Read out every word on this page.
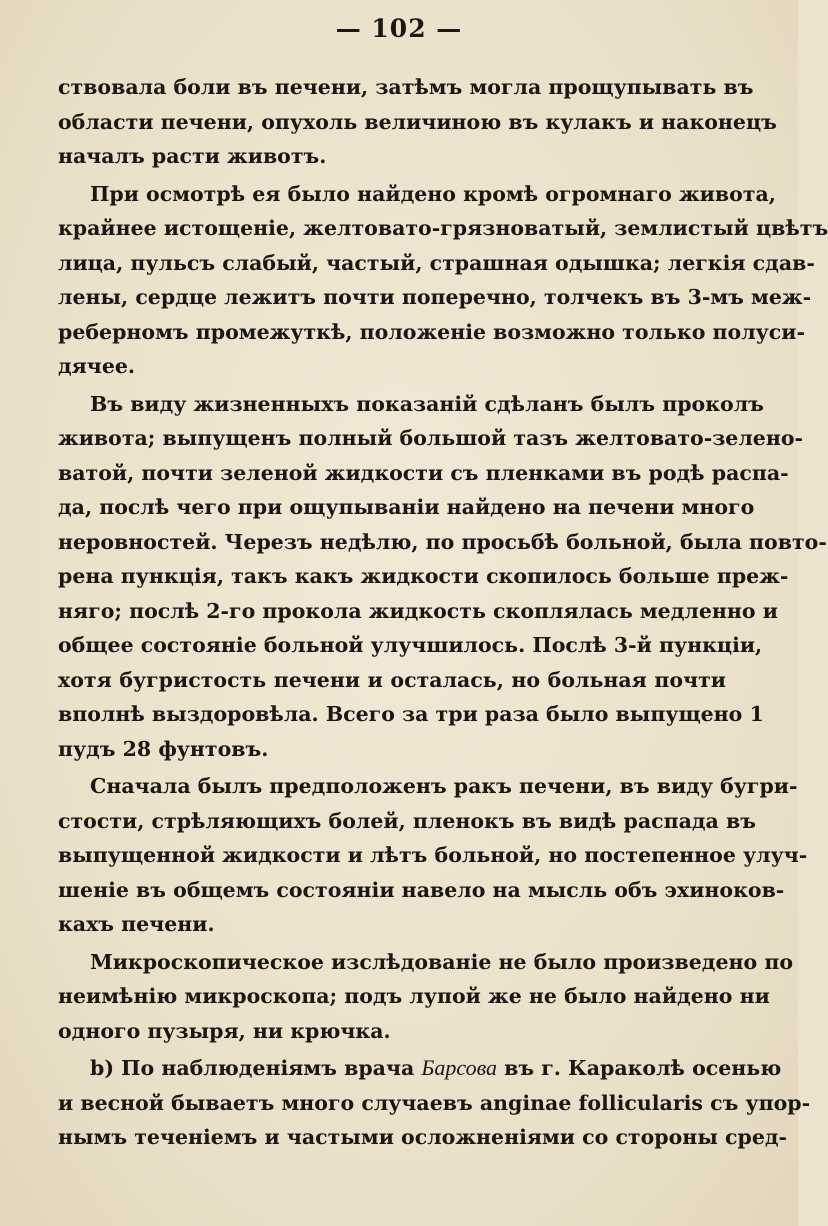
— 102 —
ствовала боли въ печени, затѣмъ могла прощупывать въ
области печени, опухоль величиною въ кулакъ и наконецъ
началъ расти животъ.
При осмотрѣ ея было найдено кромѣ огромнаго живота,
крайнее истощеніе, желтовато-грязноватый, землистый цвѣтъ
лица, пульсъ слабый, частый, страшная одышка; легкія сдав-
лены, сердце лежитъ почти поперечно, толчекъ въ 3-мъ меж-
реберномъ промежуткѣ, положеніе возможно только полуси-
дячее.
Въ виду жизненныхъ показаній сдѣланъ былъ проколъ
живота; выпущенъ полный большой тазъ желтовато-зелено-
ватой, почти зеленой жидкости съ пленками въ родѣ распа-
да, послѣ чего при ощупываніи найдено на печени много
неровностей. Черезъ недѣлю, по просьбѣ больной, была повто-
рена пункція, такъ какъ жидкости скопилось больше преж-
няго; послѣ 2-го прокола жидкость скоплялась медленно и
общее состояніе больной улучшилось. Послѣ 3-й пункціи,
хотя бугристость печени и осталась, но больная почти
вполнѣ выздоровѣла. Всего за три раза было выпущено 1
пудъ 28 фунтовъ.
Сначала былъ предположенъ ракъ печени, въ виду бугри-
стости, стрѣляющихъ болей, пленокъ въ видѣ распада въ
выпущенной жидкости и лѣтъ больной, но постепенное улуч-
шеніе въ общемъ состояніи навело на мысль объ эхиноков-
кахъ печени.
Микроскопическое изслѣдованіе не было произведено по
неимѣнію микроскопа; подъ лупой же не было найдено ни
одного пузыря, ни крючка.
b) По наблюденіямъ врача Барсова въ г. Караколѣ осенью
и весной бываетъ много случаевъ anginae follicularis съ упор-
нымъ теченіемъ и частыми осложненіями со стороны сред-
